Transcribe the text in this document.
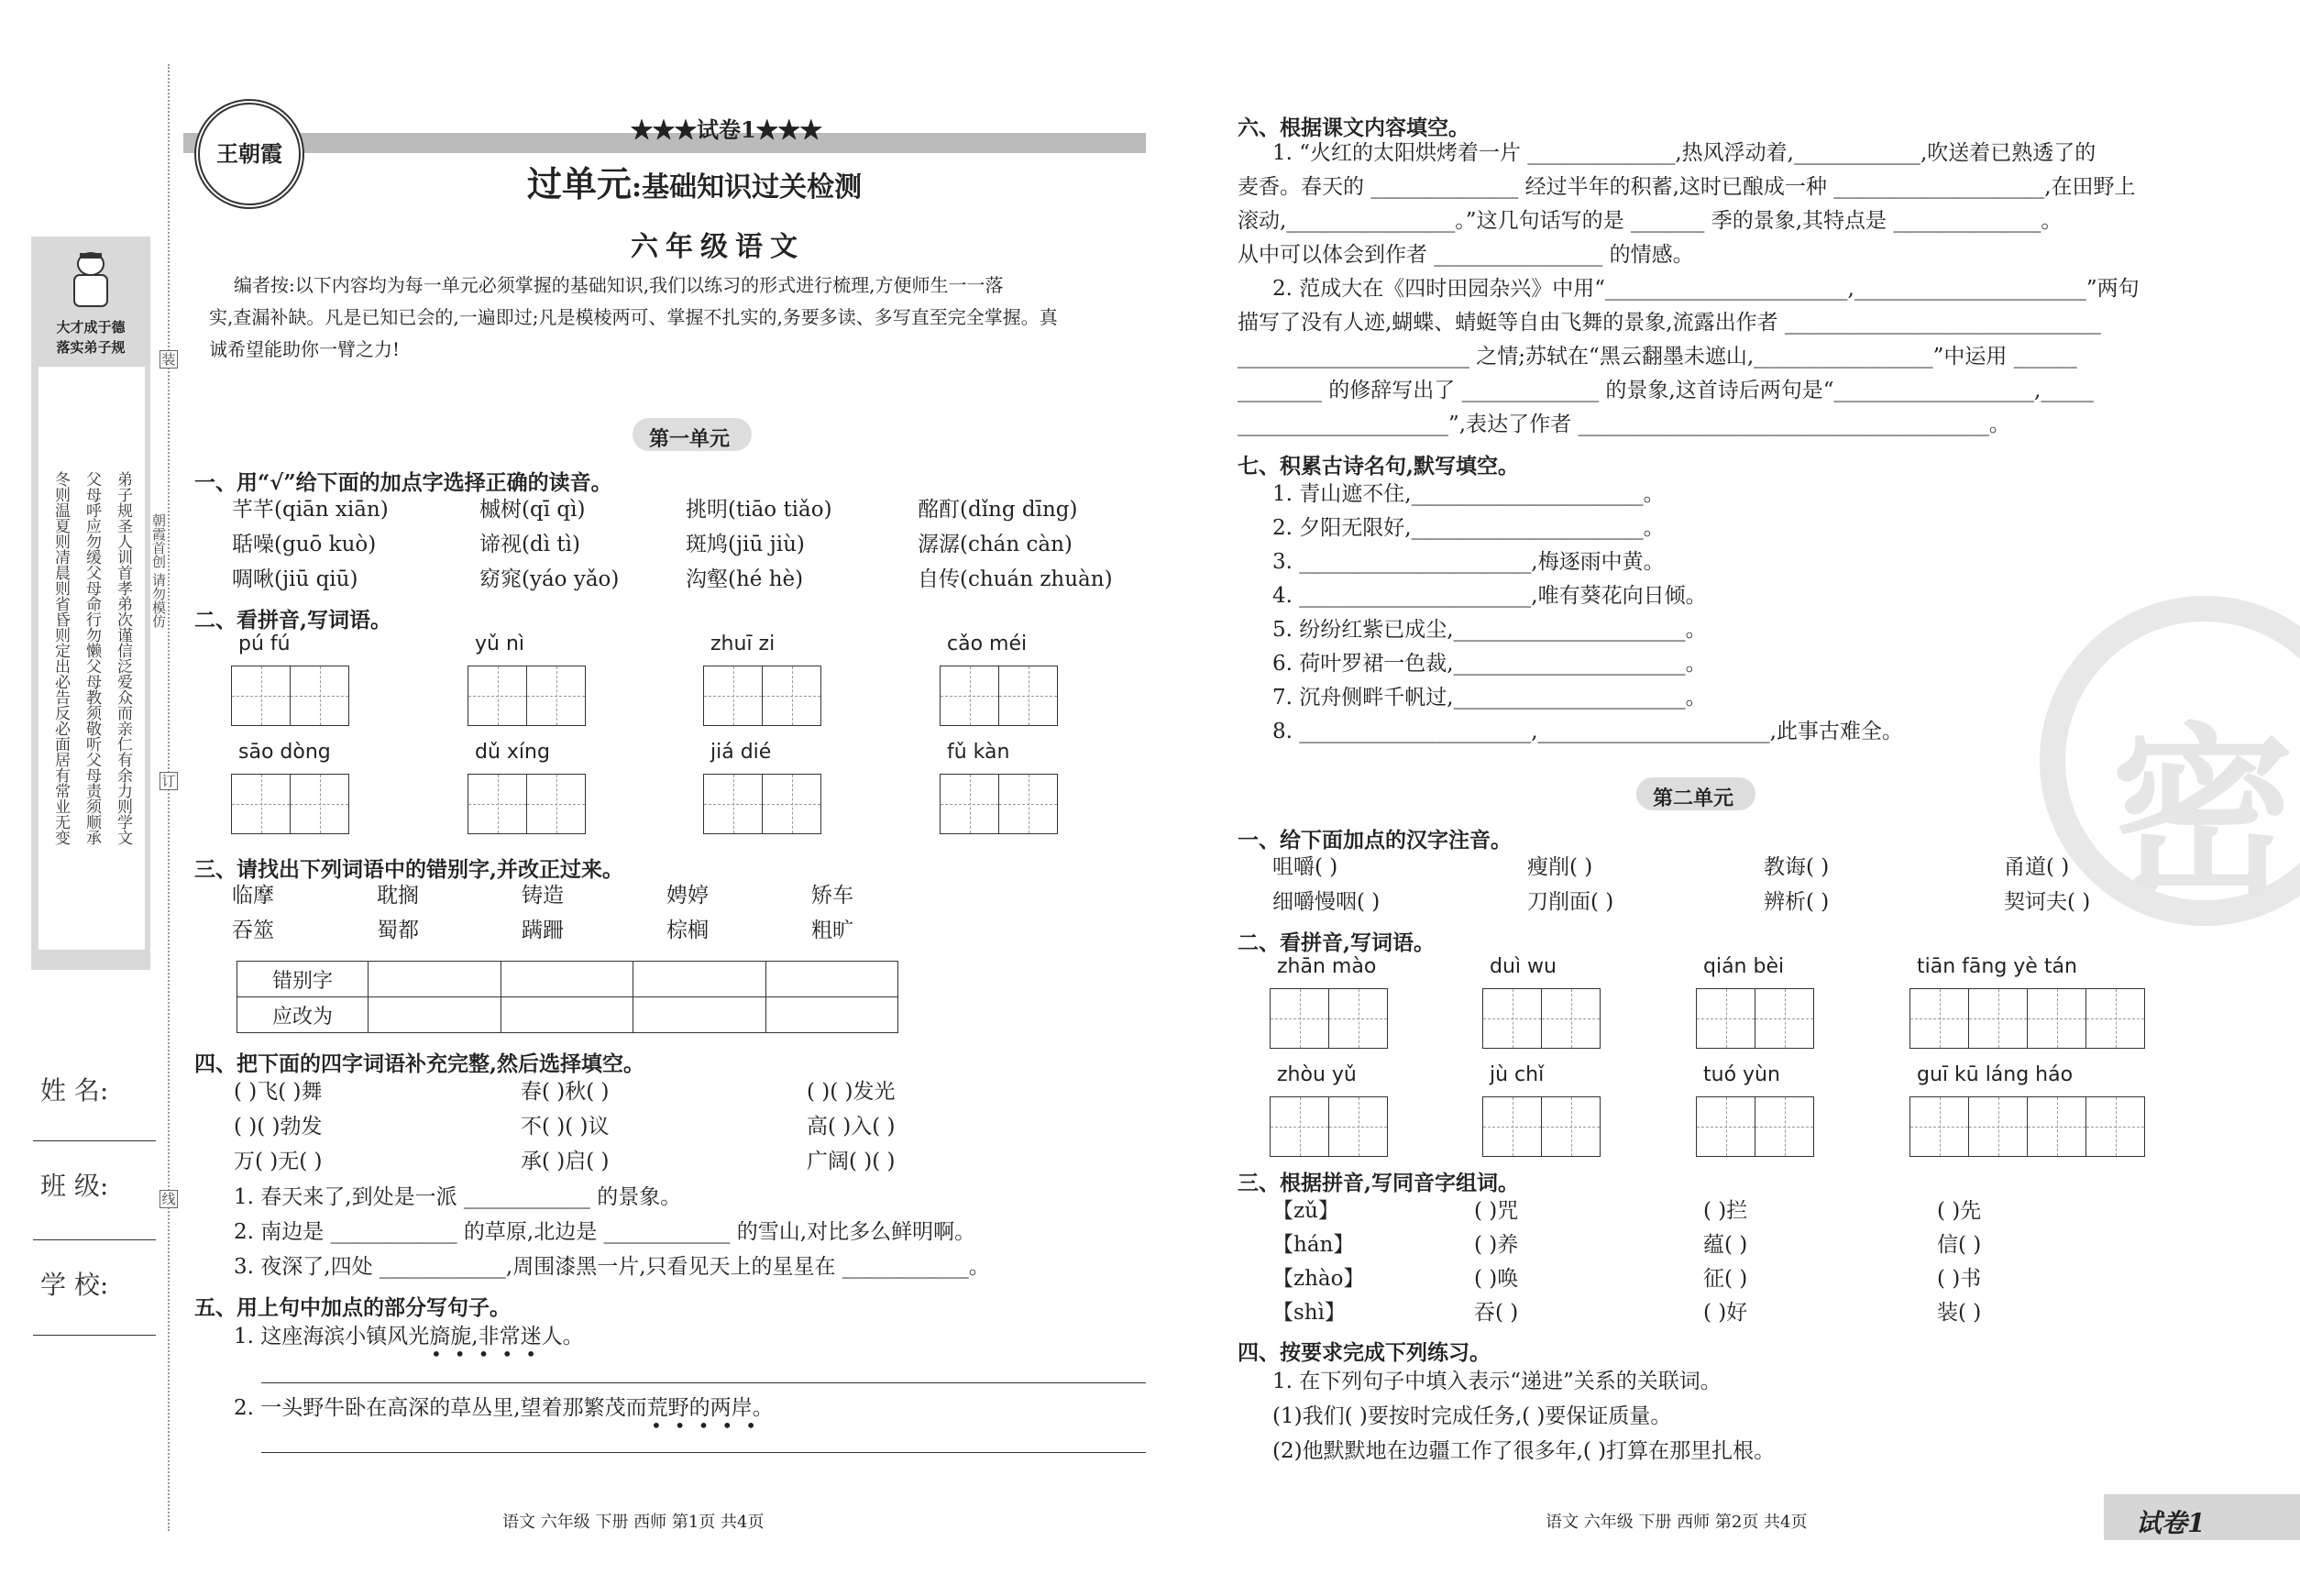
大才成于德
落实弟子规
弟子规圣人训首孝弟次谨信泛爱众而亲仁有余力则学文
父母呼应勿缓父母命行勿懒父母教须敬听父母责须顺承
冬则温夏则凊晨则省昏则定出必告反必面居有常业无变	朝霞首创 请勿模仿
装
订
线
姓 名:
班 级:
学 校:
王朝霞
★★★试卷1★★★
过单元:基础知识过关检测
六年级语文
编者按:以下内容均为每一单元必须掌握的基础知识,我们以练习的形式进行梳理,方便师生一一落
实,查漏补缺。凡是已知已会的,一遍即过;凡是模棱两可、掌握不扎实的,务要多读、多写直至完全掌握。真
诚希望能助你一臂之力!
第一单元
一、用“√”给下面的加点字选择正确的读音。
芊芊(qiān xiān)	槭树(qī qì)	挑明(tiāo tiǎo)	酩酊(dǐng dīng)
聒噪(guō kuò)	谛视(dì tì)	斑鸠(jiū jiù)	潺潺(chán càn)
啁啾(jiū qiū)	窈窕(yáo yǎo)	沟壑(hé hè)	自传(chuán zhuàn)
二、看拼音,写词语。
pú fú	yǔ nì	zhuī zi	cǎo méi
sāo dòng	dǔ xíng	jiá dié	fǔ kàn
三、请找出下列词语中的错别字,并改正过来。
临摩	耽搁	铸造	娉婷	矫车
吞筮	蜀都	蹒跚	棕榈	粗旷
错别字				
应改为				
四、把下面的四字词语补充完整,然后选择填空。
( )飞( )舞	春( )秋( )	( )( )发光
( )( )勃发	不( )( )议	高( )入( )
万( )无( )	承( )启( )	广阔( )( )
1. 春天来了,到处是一派 ____________ 的景象。
2. 南边是 ____________ 的草原,北边是 ____________ 的雪山,对比多么鲜明啊。
3. 夜深了,四处 ____________,周围漆黑一片,只看见天上的星星在 ____________。
五、用上句中加点的部分写句子。
1. 这座海滨小镇风光旖旎,非常迷人。
•••••
2. 一头野牛卧在高深的草丛里,望着那繁茂而荒野的两岸。
•••••
语文 六年级 下册 西师 第1页 共4页
密
六、根据课文内容填空。
1. “火红的太阳烘烤着一片 ______________,热风浮动着,____________,吹送着已熟透了的
麦香。春天的 ______________ 经过半年的积蓄,这时已酿成一种 ____________________,在田野上
滚动,________________。”这几句话写的是 _______ 季的景象,其特点是 ______________。
从中可以体会到作者 ________________ 的情感。
2. 范成大在《四时田园杂兴》中用“_______________________,______________________”两句
描写了没有人迹,蝴蝶、蜻蜓等自由飞舞的景象,流露出作者 ______________________________
______________________ 之情;苏轼在“黑云翻墨未遮山,_________________”中运用 ______
________ 的修辞写出了 _____________ 的景象,这首诗后两句是“___________________,_____
____________________”,表达了作者 _______________________________________。
七、积累古诗名句,默写填空。
1. 青山遮不住,______________________。
2. 夕阳无限好,______________________。
3. ______________________,梅逐雨中黄。
4. ______________________,唯有葵花向日倾。
5. 纷纷红紫已成尘,______________________。
6. 荷叶罗裙一色裁,______________________。
7. 沉舟侧畔千帆过,______________________。
8. ______________________,______________________,此事古难全。
第二单元
一、给下面加点的汉字注音。
咀嚼( )	瘦削( )	教诲( )	甬道( )
细嚼慢咽( )	刀削面( )	辨析( )	契诃夫( )
二、看拼音,写词语。
zhān mào	duì wu	qián bèi	tiān fāng yè tán
zhòu yǔ	jù chǐ	tuó yùn	guī kū láng háo
三、根据拼音,写同音字组词。
【zǔ】	( )咒	( )拦	( )先
【hán】	( )养	蕴( )	信( )
【zhào】	( )唤	征( )	( )书
【shì】	吞( )	( )好	装( )
四、按要求完成下列练习。
1. 在下列句子中填入表示“递进”关系的关联词。
(1)我们( )要按时完成任务,( )要保证质量。
(2)他默默地在边疆工作了很多年,( )打算在那里扎根。
语文 六年级 下册 西师 第2页 共4页	试卷1
